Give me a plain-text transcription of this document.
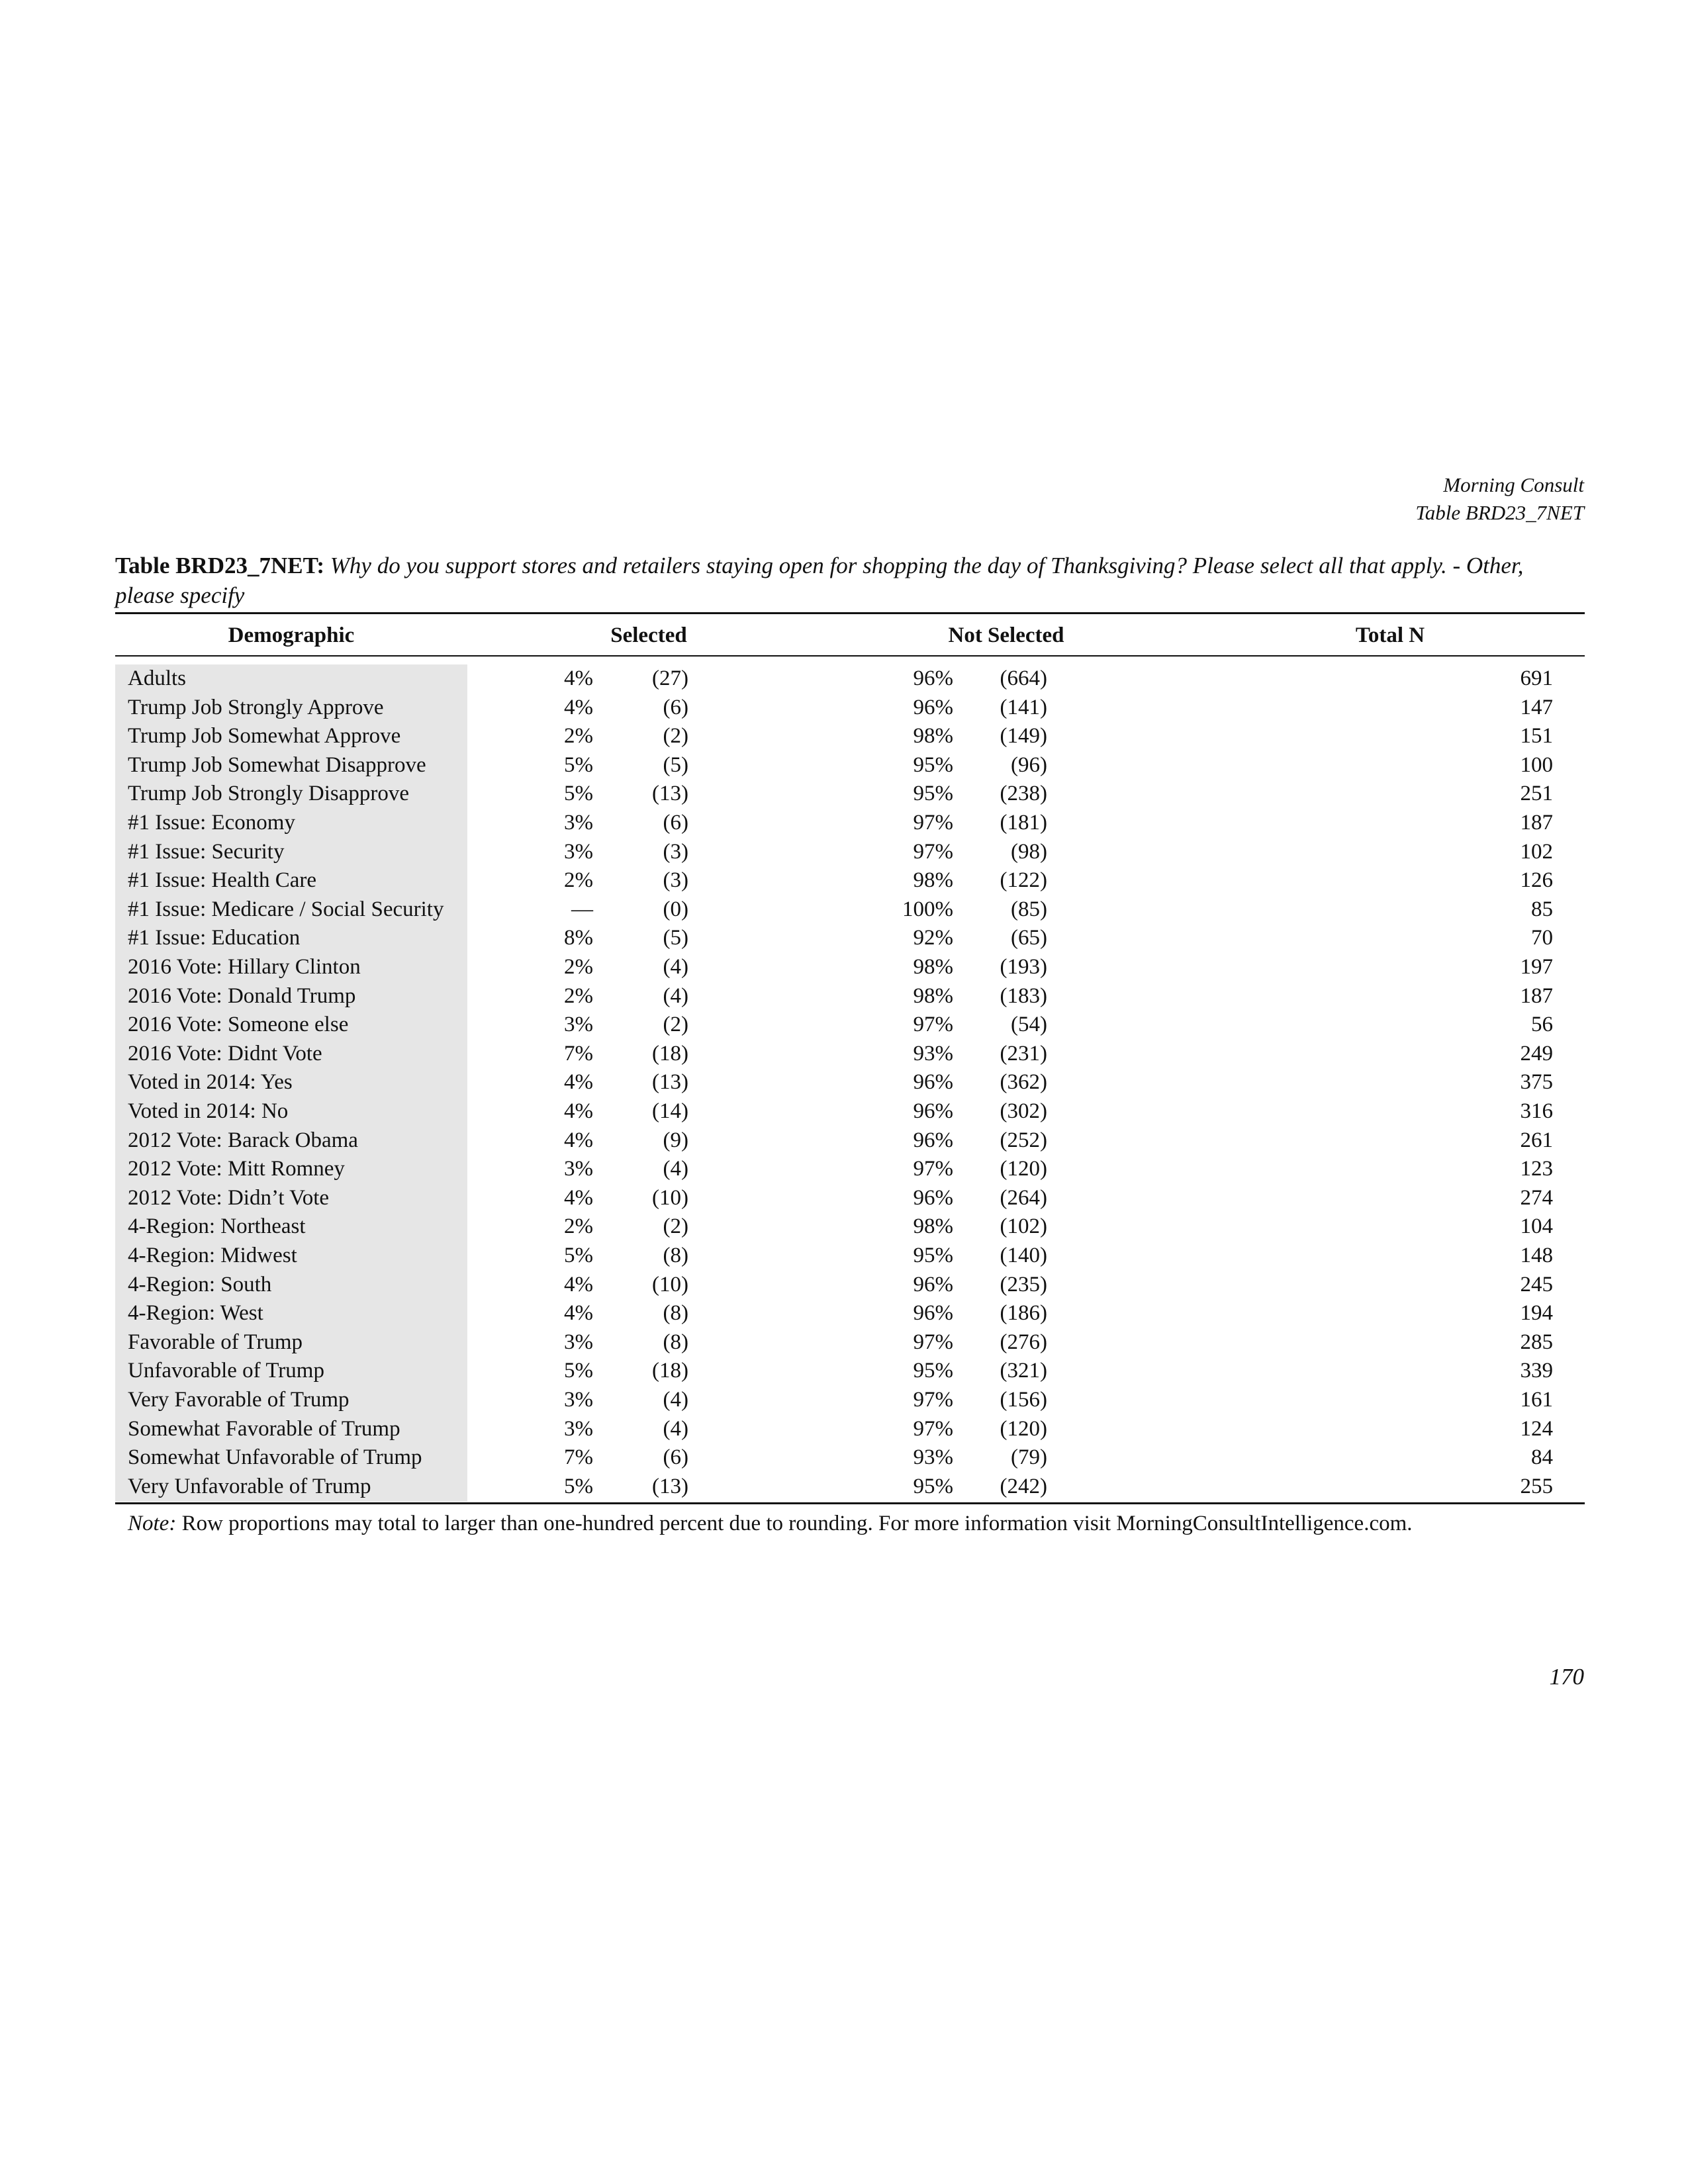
Morning Consult
Table BRD23_7NET
Table BRD23_7NET: Why do you support stores and retailers staying open for shopping the day of Thanksgiving? Please select all that apply. - Other, please specify
Demographic	Selected	Not Selected	Total N
Adults	4%	(27)	96% (664)	691
Trump Job Strongly Approve	4%	(6)	96% (141)	147
Trump Job Somewhat Approve	2%	(2)	98% (149)	151
Trump Job Somewhat Disapprove	5%	(5)	95%	(96)	100
Trump Job Strongly Disapprove	5%	(13)	95% (238)	251
#1 Issue: Economy	3%	(6)	97% (181)	187
#1 Issue: Security	3%	(3)	97%	(98)	102
#1 Issue: Health Care	2%	(3)	98% (122)	126
#1 Issue: Medicare / Social Security	—	(0)	100%	(85)	85
#1 Issue: Education	8%	(5)	92%	(65)	70
2016 Vote: Hillary Clinton	2%	(4)	98% (193)	197
2016 Vote: Donald Trump	2%	(4)	98% (183)	187
2016 Vote: Someone else	3%	(2)	97%	(54)	56
2016 Vote: Didnt Vote	7%	(18)	93% (231)	249
Voted in 2014: Yes	4%	(13)	96% (362)	375
Voted in 2014: No	4%	(14)	96% (302)	316
2012 Vote: Barack Obama	4%	(9)	96% (252)	261
2012 Vote: Mitt Romney	3%	(4)	97% (120)	123
2012 Vote: Didn’t Vote	4%	(10)	96% (264)	274
4-Region: Northeast	2%	(2)	98% (102)	104
4-Region: Midwest	5%	(8)	95% (140)	148
4-Region: South	4%	(10)	96% (235)	245
4-Region: West	4%	(8)	96% (186)	194
Favorable of Trump	3%	(8)	97% (276)	285
Unfavorable of Trump	5%	(18)	95% (321)	339
Very Favorable of Trump	3%	(4)	97% (156)	161
Somewhat Favorable of Trump	3%	(4)	97% (120)	124
Somewhat Unfavorable of Trump	7%	(6)	93%	(79)	84
Very Unfavorable of Trump	5%	(13)	95% (242)	255
Note: Row proportions may total to larger than one-hundred percent due to rounding. For more information visit MorningConsultIntelligence.com.
170
